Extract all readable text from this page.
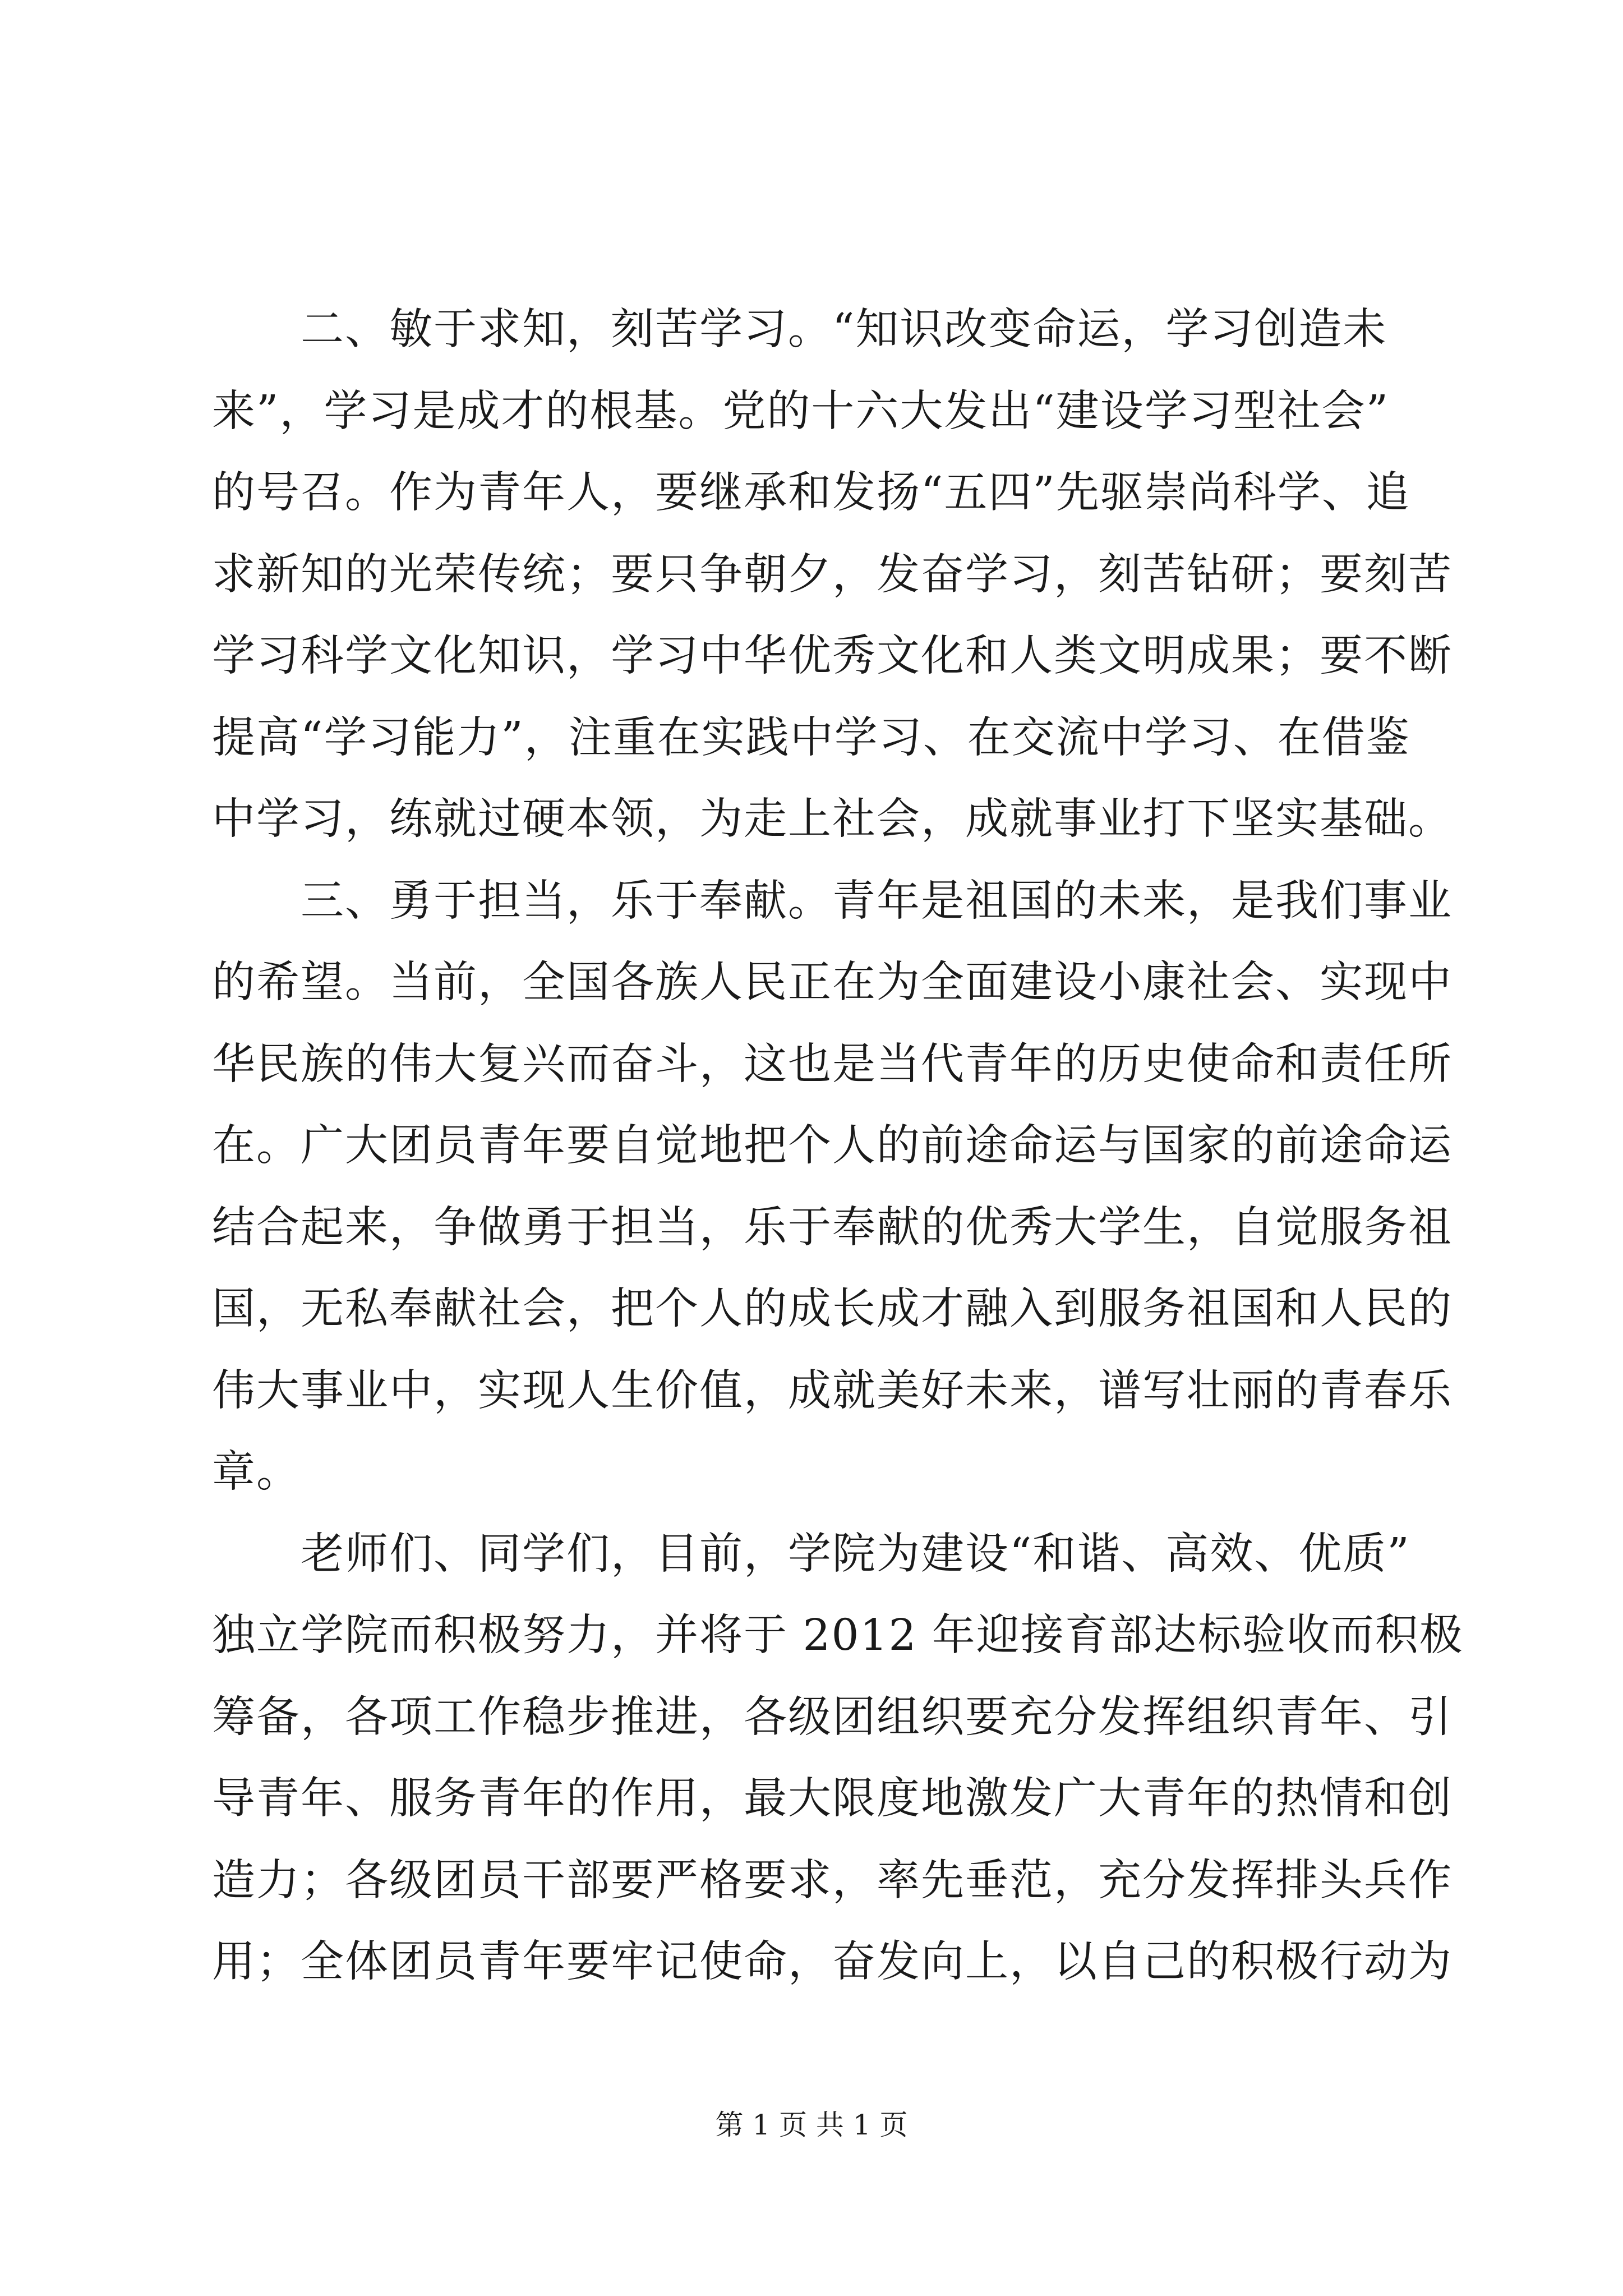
二、敏于求知，刻苦学习。“知识改变命运，学习创造未
来”，学习是成才的根基。党的十六大发出“建设学习型社会”
的号召。作为青年人，要继承和发扬“五四”先驱崇尚科学、追
求新知的光荣传统；要只争朝夕，发奋学习，刻苦钻研；要刻苦
学习科学文化知识，学习中华优秀文化和人类文明成果；要不断
提高“学习能力”，注重在实践中学习、在交流中学习、在借鉴
中学习，练就过硬本领，为走上社会，成就事业打下坚实基础。
三、勇于担当，乐于奉献。青年是祖国的未来，是我们事业
的希望。当前，全国各族人民正在为全面建设小康社会、实现中
华民族的伟大复兴而奋斗，这也是当代青年的历史使命和责任所
在。广大团员青年要自觉地把个人的前途命运与国家的前途命运
结合起来，争做勇于担当，乐于奉献的优秀大学生，自觉服务祖
国，无私奉献社会，把个人的成长成才融入到服务祖国和人民的
伟大事业中，实现人生价值，成就美好未来，谱写壮丽的青春乐
章。
老师们、同学们，目前，学院为建设“和谐、高效、优质”
独立学院而积极努力，并将于 2012 年迎接育部达标验收而积极
筹备，各项工作稳步推进，各级团组织要充分发挥组织青年、引
导青年、服务青年的作用，最大限度地激发广大青年的热情和创
造力；各级团员干部要严格要求，率先垂范，充分发挥排头兵作
用；全体团员青年要牢记使命，奋发向上，以自己的积极行动为
第 1 页 共 1 页
